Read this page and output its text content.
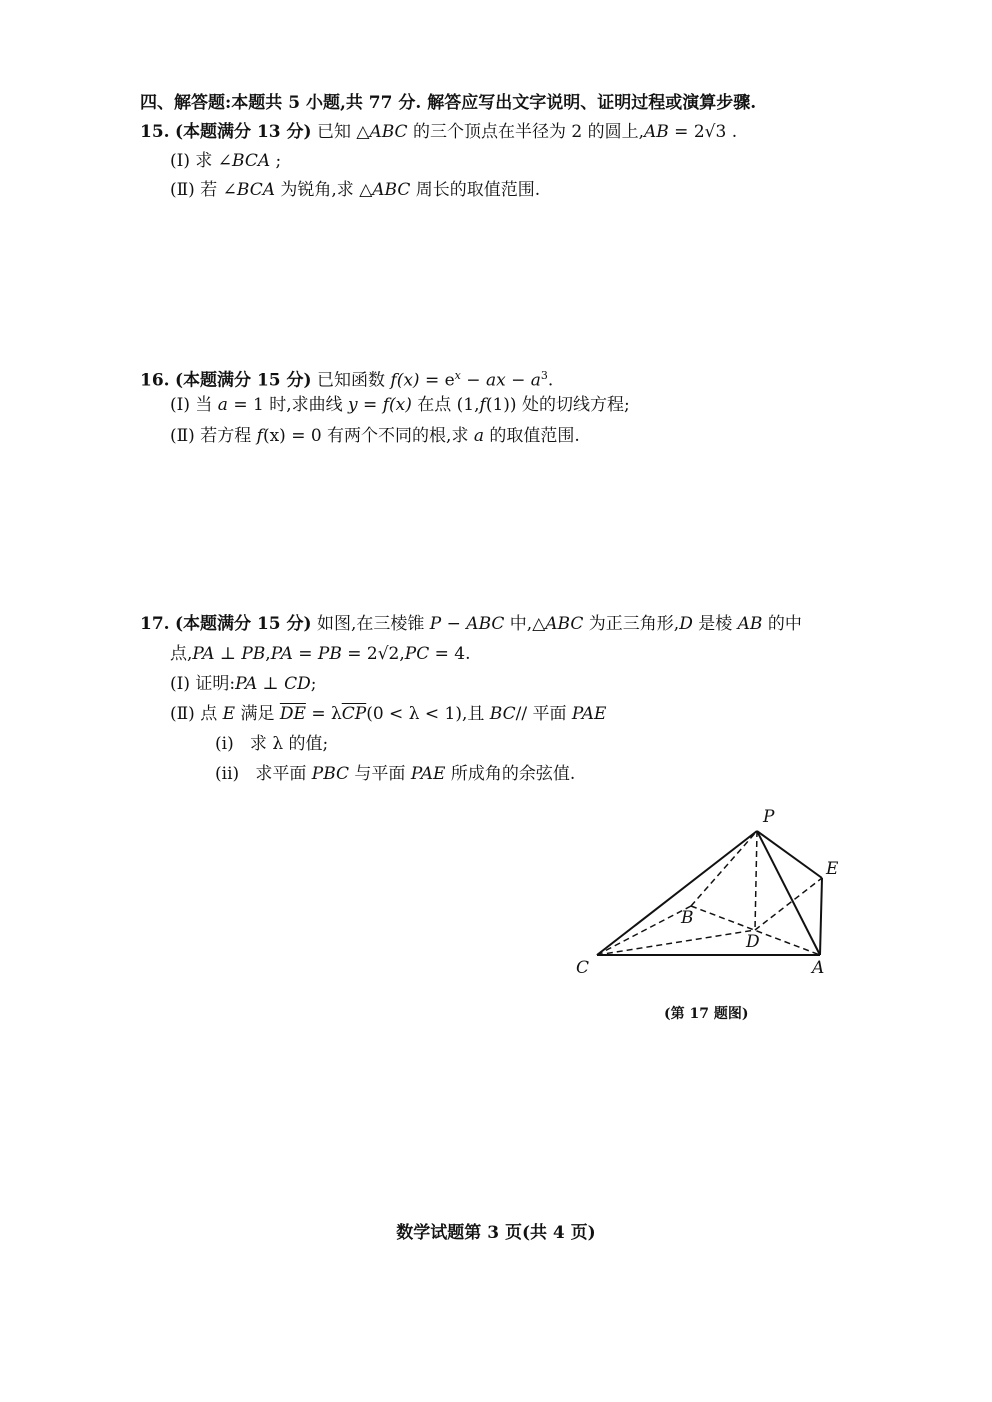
四、解答题:本题共 5 小题,共 77 分. 解答应写出文字说明、证明过程或演算步骤.
15. (本题满分 13 分) 已知 △ABC 的三个顶点在半径为 2 的圆上,AB = 2√3 .
(Ⅰ) 求 ∠BCA ;
(Ⅱ) 若 ∠BCA 为锐角,求 △ABC 周长的取值范围.
16. (本题满分 15 分) 已知函数 $f(x) = e^x$ − ax − $a^3$.
(Ⅰ) 当 a = 1 时,求曲线 y = f(x) 在点 (1,f(1)) 处的切线方程;
(Ⅱ) 若方程 f(x) = 0 有两个不同的根,求 a 的取值范围.
17. (本题满分 15 分) 如图,在三棱锥 P − ABC 中,△ABC 为正三角形,D 是棱 AB 的中
点,PA ⊥ PB,PA = PB = 2√2,PC = 4.
(Ⅰ) 证明:PA ⊥ CD;
(Ⅱ) 点 E 满足 $\overline{DE} = \lambda\overline{CP}(0 < \lambda < 1)$,且 BC// 平面 PAE
(i) 求 λ 的值;
(ii) 求平面 PBC 与平面 PAE 所成角的余弦值.
P
E
B
D
C	A
(第 17 题图)
数学试题第 3 页(共 4 页)
